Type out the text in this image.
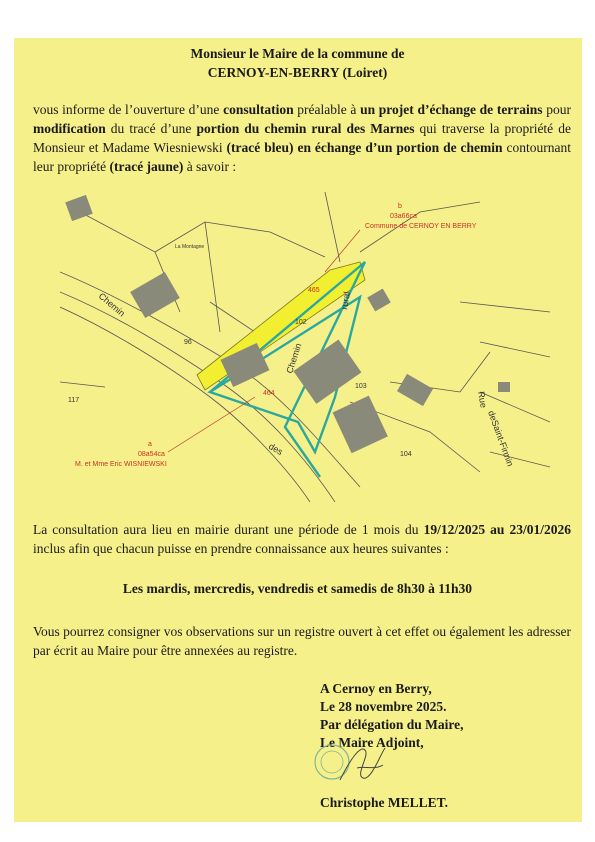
Monsieur le Maire de la commune de
CERNOY-EN-BERRY (Loiret)
vous informe de l’ouverture d’une consultation préalable à un projet d’échange de terrains pour modification du tracé d’une portion du chemin rural des Marnes qui traverse la propriété de Monsieur et Madame Wiesniewski (tracé bleu) en échange d’un portion de chemin contournant leur propriété (tracé jaune) à savoir :
102
103
104
96
117
La Montagne
Chemin
Chemin
rural
des
Rue
deSaint-Firmin
465
464
b
03a66ca
Commune de CERNOY EN BERRY
a
08a54ca
M. et Mme Eric WISNIEWSKI
La consultation aura lieu en mairie durant une période de 1 mois du 19/12/2025 au 23/01/2026 inclus afin que chacun puisse en prendre connaissance aux heures suivantes :
Les mardis, mercredis, vendredis et samedis de 8h30 à 11h30
Vous pourrez consigner vos observations sur un registre ouvert à cet effet ou également les adresser par écrit au Maire pour être annexées au registre.
A Cernoy en Berry,
Le 28 novembre 2025.
Par délégation du Maire,
Le Maire Adjoint,
Christophe MELLET.
